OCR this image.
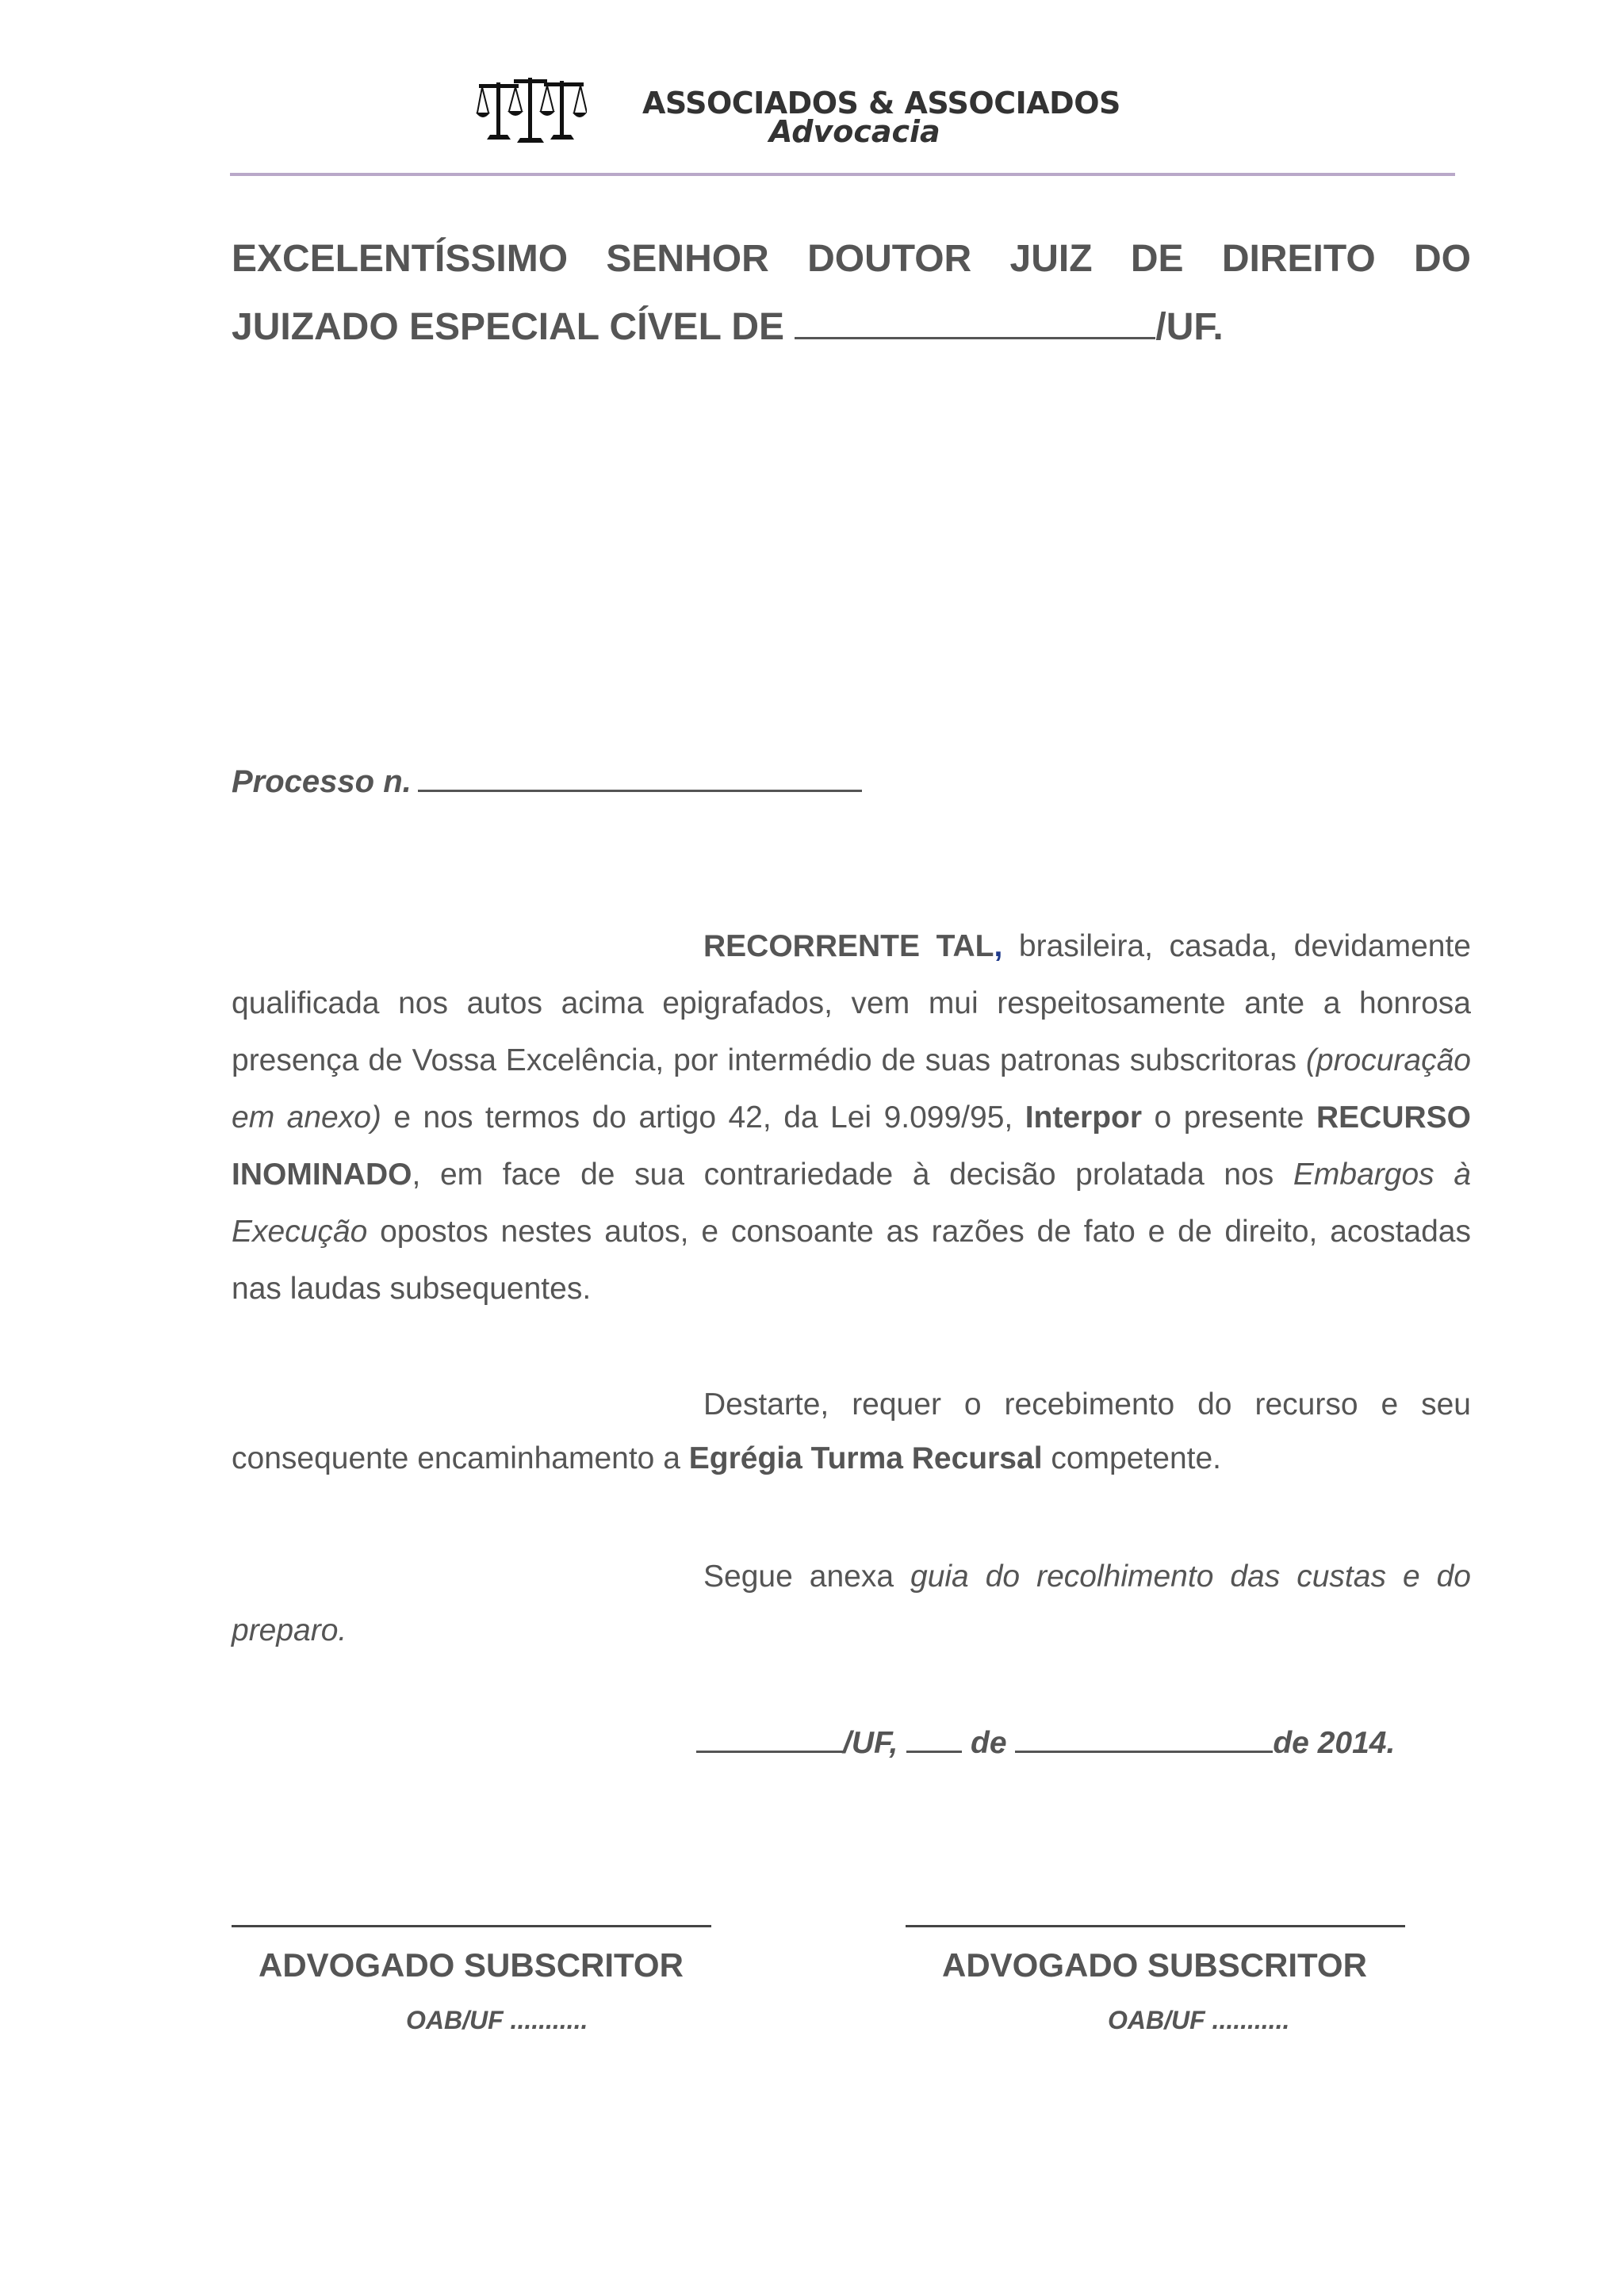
ASSOCIADOS & ASSOCIADOS
Advocacia
EXCELENTÍSSIMO SENHOR DOUTOR JUIZ DE DIREITO DO
JUIZADO ESPECIAL CÍVEL DE	/UF.
Processo n.
RECORRENTE TAL, brasileira, casada, devidamente qualificada nos autos acima epigrafados, vem mui respeitosamente ante a honrosa presença de Vossa Excelência, por intermédio de suas patronas subscritoras (procuração em anexo) e nos termos do artigo 42, da Lei 9.099/95, Interpor o presente RECURSO INOMINADO, em face de sua contrariedade à decisão prolatada nos Embargos à Execução opostos nestes autos, e consoante as razões de fato e de direito, acostadas nas laudas subsequentes.
Destarte, requer o recebimento do recurso e seu consequente encaminhamento a Egrégia Turma Recursal competente.
Segue anexa guia do recolhimento das custas e do preparo.
/UF,  de	de 2014.
ADVOGADO SUBSCRITOR
OAB/UF ...........
ADVOGADO SUBSCRITOR
OAB/UF ...........
